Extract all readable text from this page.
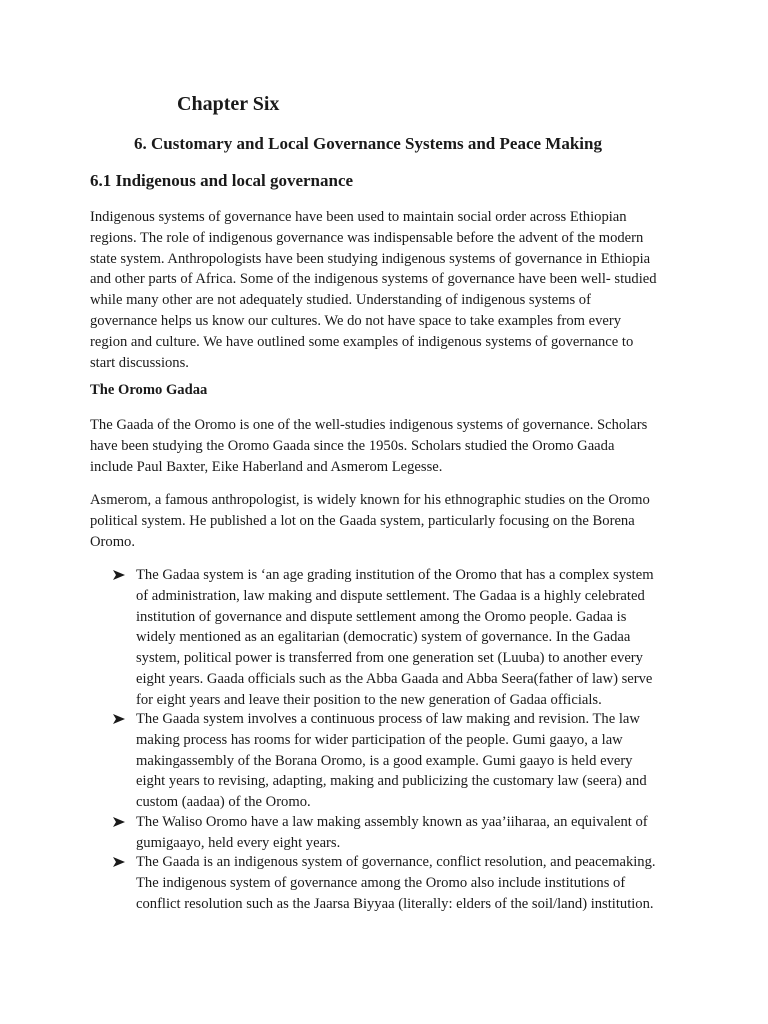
Chapter Six
6. Customary and Local Governance Systems and Peace Making
6.1 Indigenous and local governance
Indigenous systems of governance have been used to maintain social order across Ethiopian
regions. The role of indigenous governance was indispensable before the advent of the modern
state system. Anthropologists have been studying indigenous systems of governance in Ethiopia
and other parts of Africa. Some of the indigenous systems of governance have been well- studied
while many other are not adequately studied. Understanding of indigenous systems of
governance helps us know our cultures. We do not have space to take examples from every
region and culture. We have outlined some examples of indigenous systems of governance to
start discussions.
The Oromo Gadaa
The Gaada of the Oromo is one of the well-studies indigenous systems of governance. Scholars
have been studying the Oromo Gaada since the 1950s. Scholars studied the Oromo Gaada
include Paul Baxter, Eike Haberland and Asmerom Legesse.
Asmerom, a famous anthropologist, is widely known for his ethnographic studies on the Oromo
political system. He published a lot on the Gaada system, particularly focusing on the Borena
Oromo.
The Gadaa system is ‘an age grading institution of the Oromo that has a complex system
of administration, law making and dispute settlement. The Gadaa is a highly celebrated
institution of governance and dispute settlement among the Oromo people. Gadaa is
widely mentioned as an egalitarian (democratic) system of governance. In the Gadaa
system, political power is transferred from one generation set (Luuba) to another every
eight years. Gaada officials such as the Abba Gaada and Abba Seera(father of law) serve
for eight years and leave their position to the new generation of Gadaa officials.
The Gaada system involves a continuous process of law making and revision. The law
making process has rooms for wider participation of the people. Gumi gaayo, a law
makingassembly of the Borana Oromo, is a good example. Gumi gaayo is held every
eight years to revising, adapting, making and publicizing the customary law (seera) and
custom (aadaa) of the Oromo.
The Waliso Oromo have a law making assembly known as yaa’iiharaa, an equivalent of
gumigaayo, held every eight years.
The Gaada is an indigenous system of governance, conflict resolution, and peacemaking.
The indigenous system of governance among the Oromo also include institutions of
conflict resolution such as the Jaarsa Biyyaa (literally: elders of the soil/land) institution.
